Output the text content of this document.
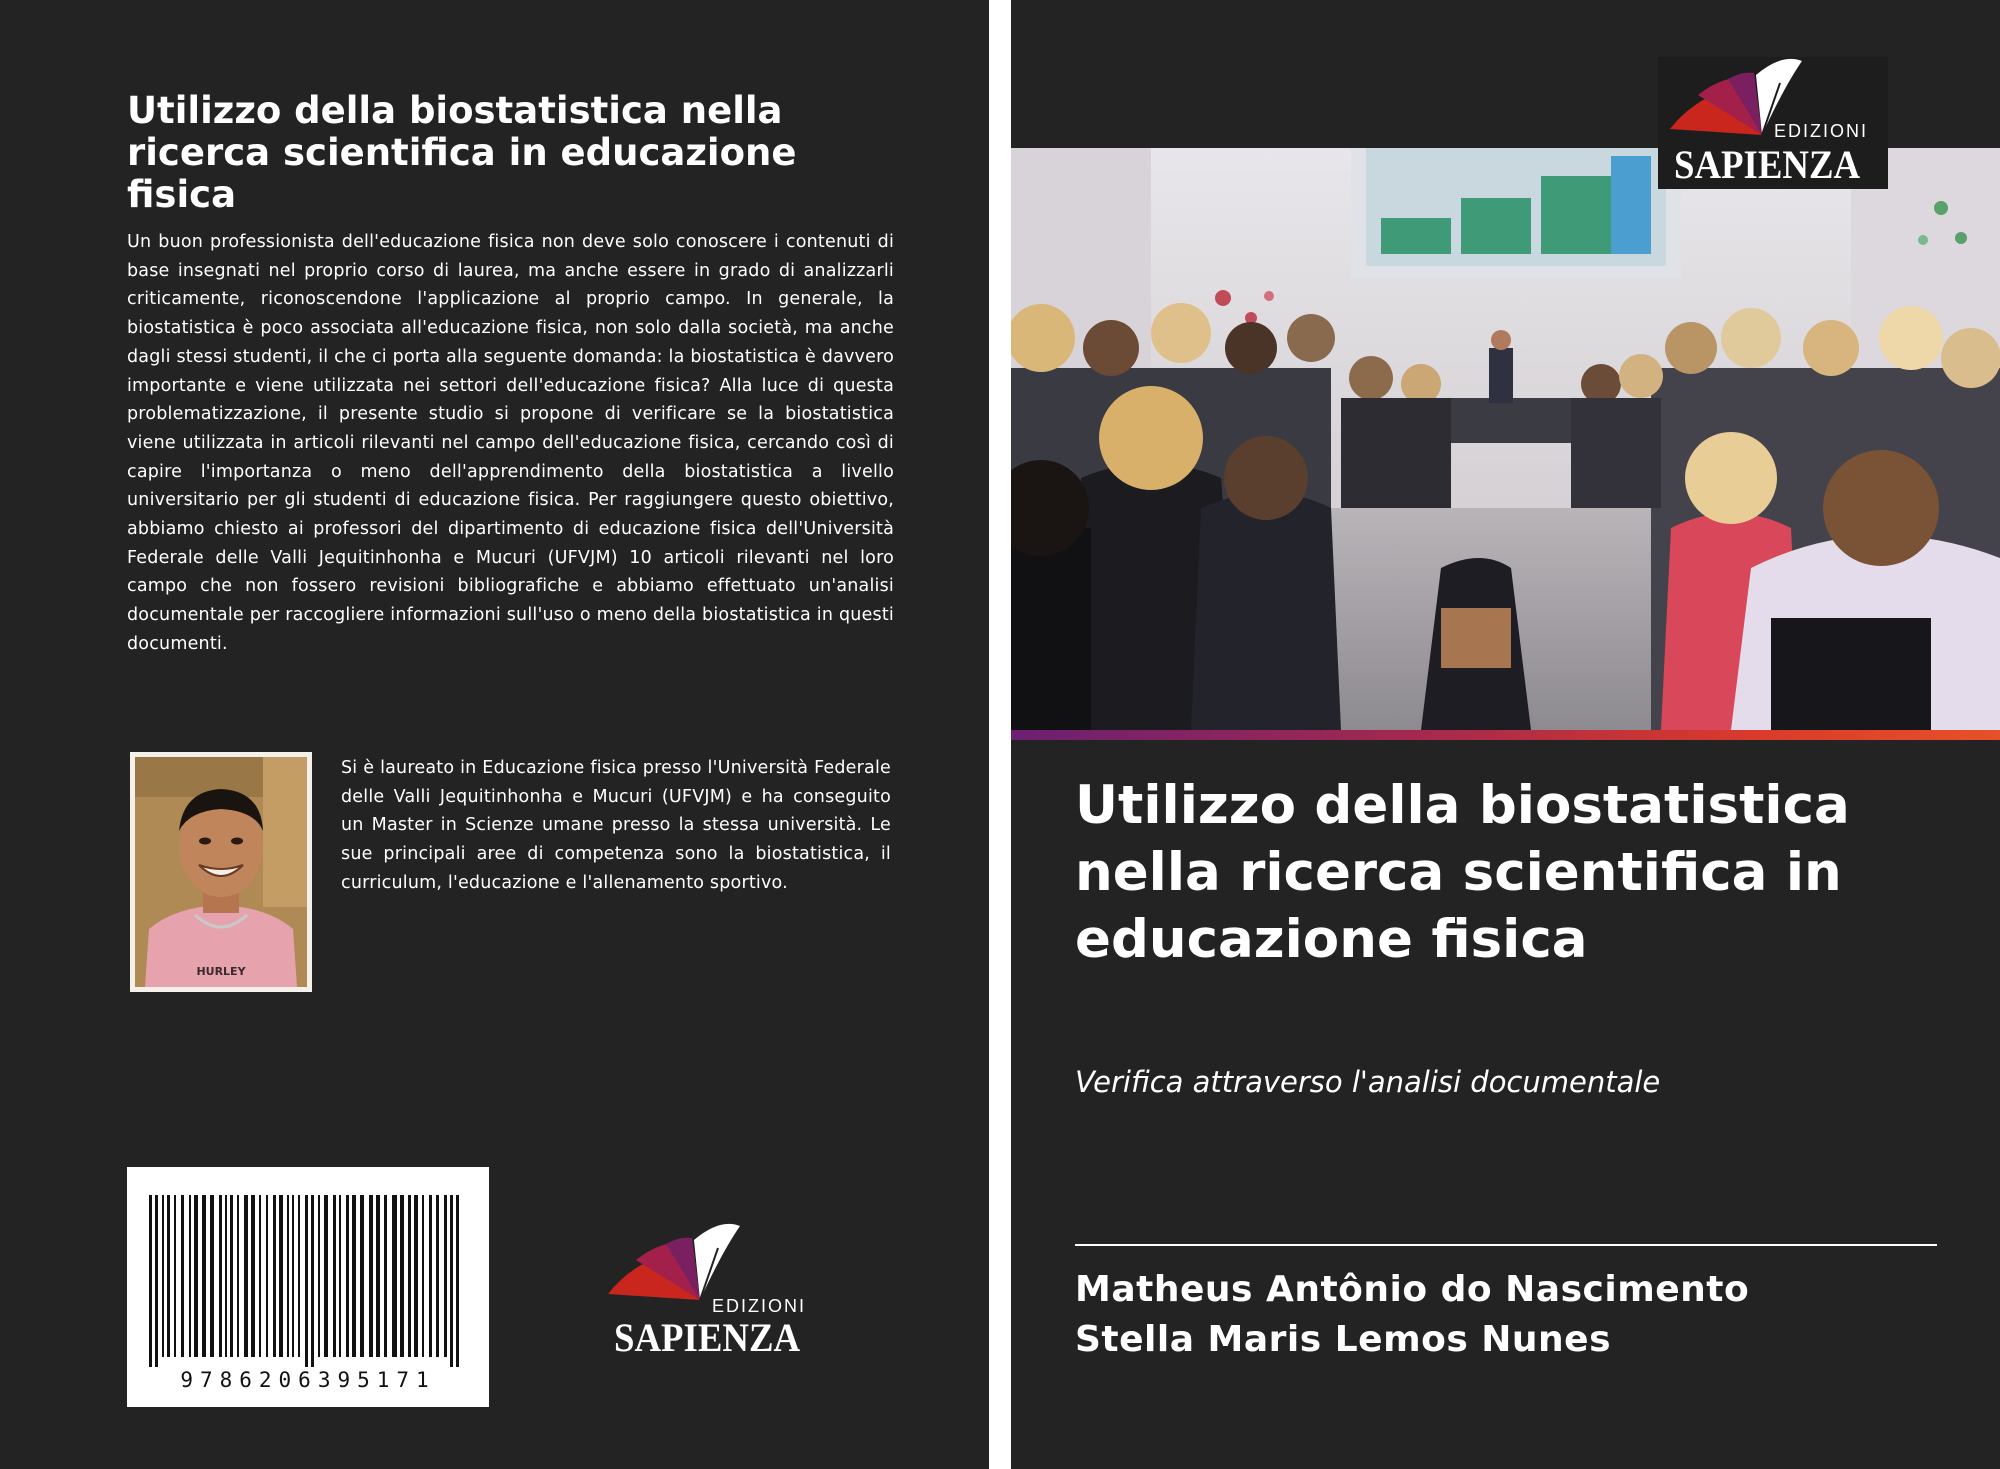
Utilizzo della biostatistica nella ricerca scientifica in educazione fisica

Un buon professionista dell'educazione fisica non deve solo conoscere i contenuti di base insegnati nel proprio corso di laurea, ma anche essere in grado di analizzarli criticamente, riconoscendone l'applicazione al proprio campo. In generale, la biostatistica è poco associata all'educazione fisica, non solo dalla società, ma anche dagli stessi studenti, il che ci porta alla seguente domanda: la biostatistica è davvero importante e viene utilizzata nei settori dell'educazione fisica? Alla luce di questa problematizzazione, il presente studio si propone di verificare se la biostatistica viene utilizzata in articoli rilevanti nel campo dell'educazione fisica, cercando così di capire l'importanza o meno dell'apprendimento della biostatistica a livello universitario per gli studenti di educazione fisica. Per raggiungere questo obiettivo, abbiamo chiesto ai professori del dipartimento di educazione fisica dell'Università Federale delle Valli Jequitinhonha e Mucuri (UFVJM) 10 articoli rilevanti nel loro campo che non fossero revisioni bibliografiche e abbiamo effettuato un'analisi documentale per raccogliere informazioni sull'uso o meno della biostatistica in questi documenti.

HURLEY

Si è laureato in Educazione fisica presso l'Università Federale delle Valli Jequitinhonha e Mucuri (UFVJM) e ha conseguito un Master in Scienze umane presso la stessa università. Le sue principali aree di competenza sono la biostatistica, il curriculum, l'educazione e l'allenamento sportivo.

9786206395171
EDIZIONI
SAPIENZA
EDIZIONI
SAPIENZA
Utilizzo della biostatistica nella ricerca scientifica in educazione fisica

Verifica attraverso l'analisi documentale

Matheus Antônio do Nascimento

Stella Maris Lemos Nunes
